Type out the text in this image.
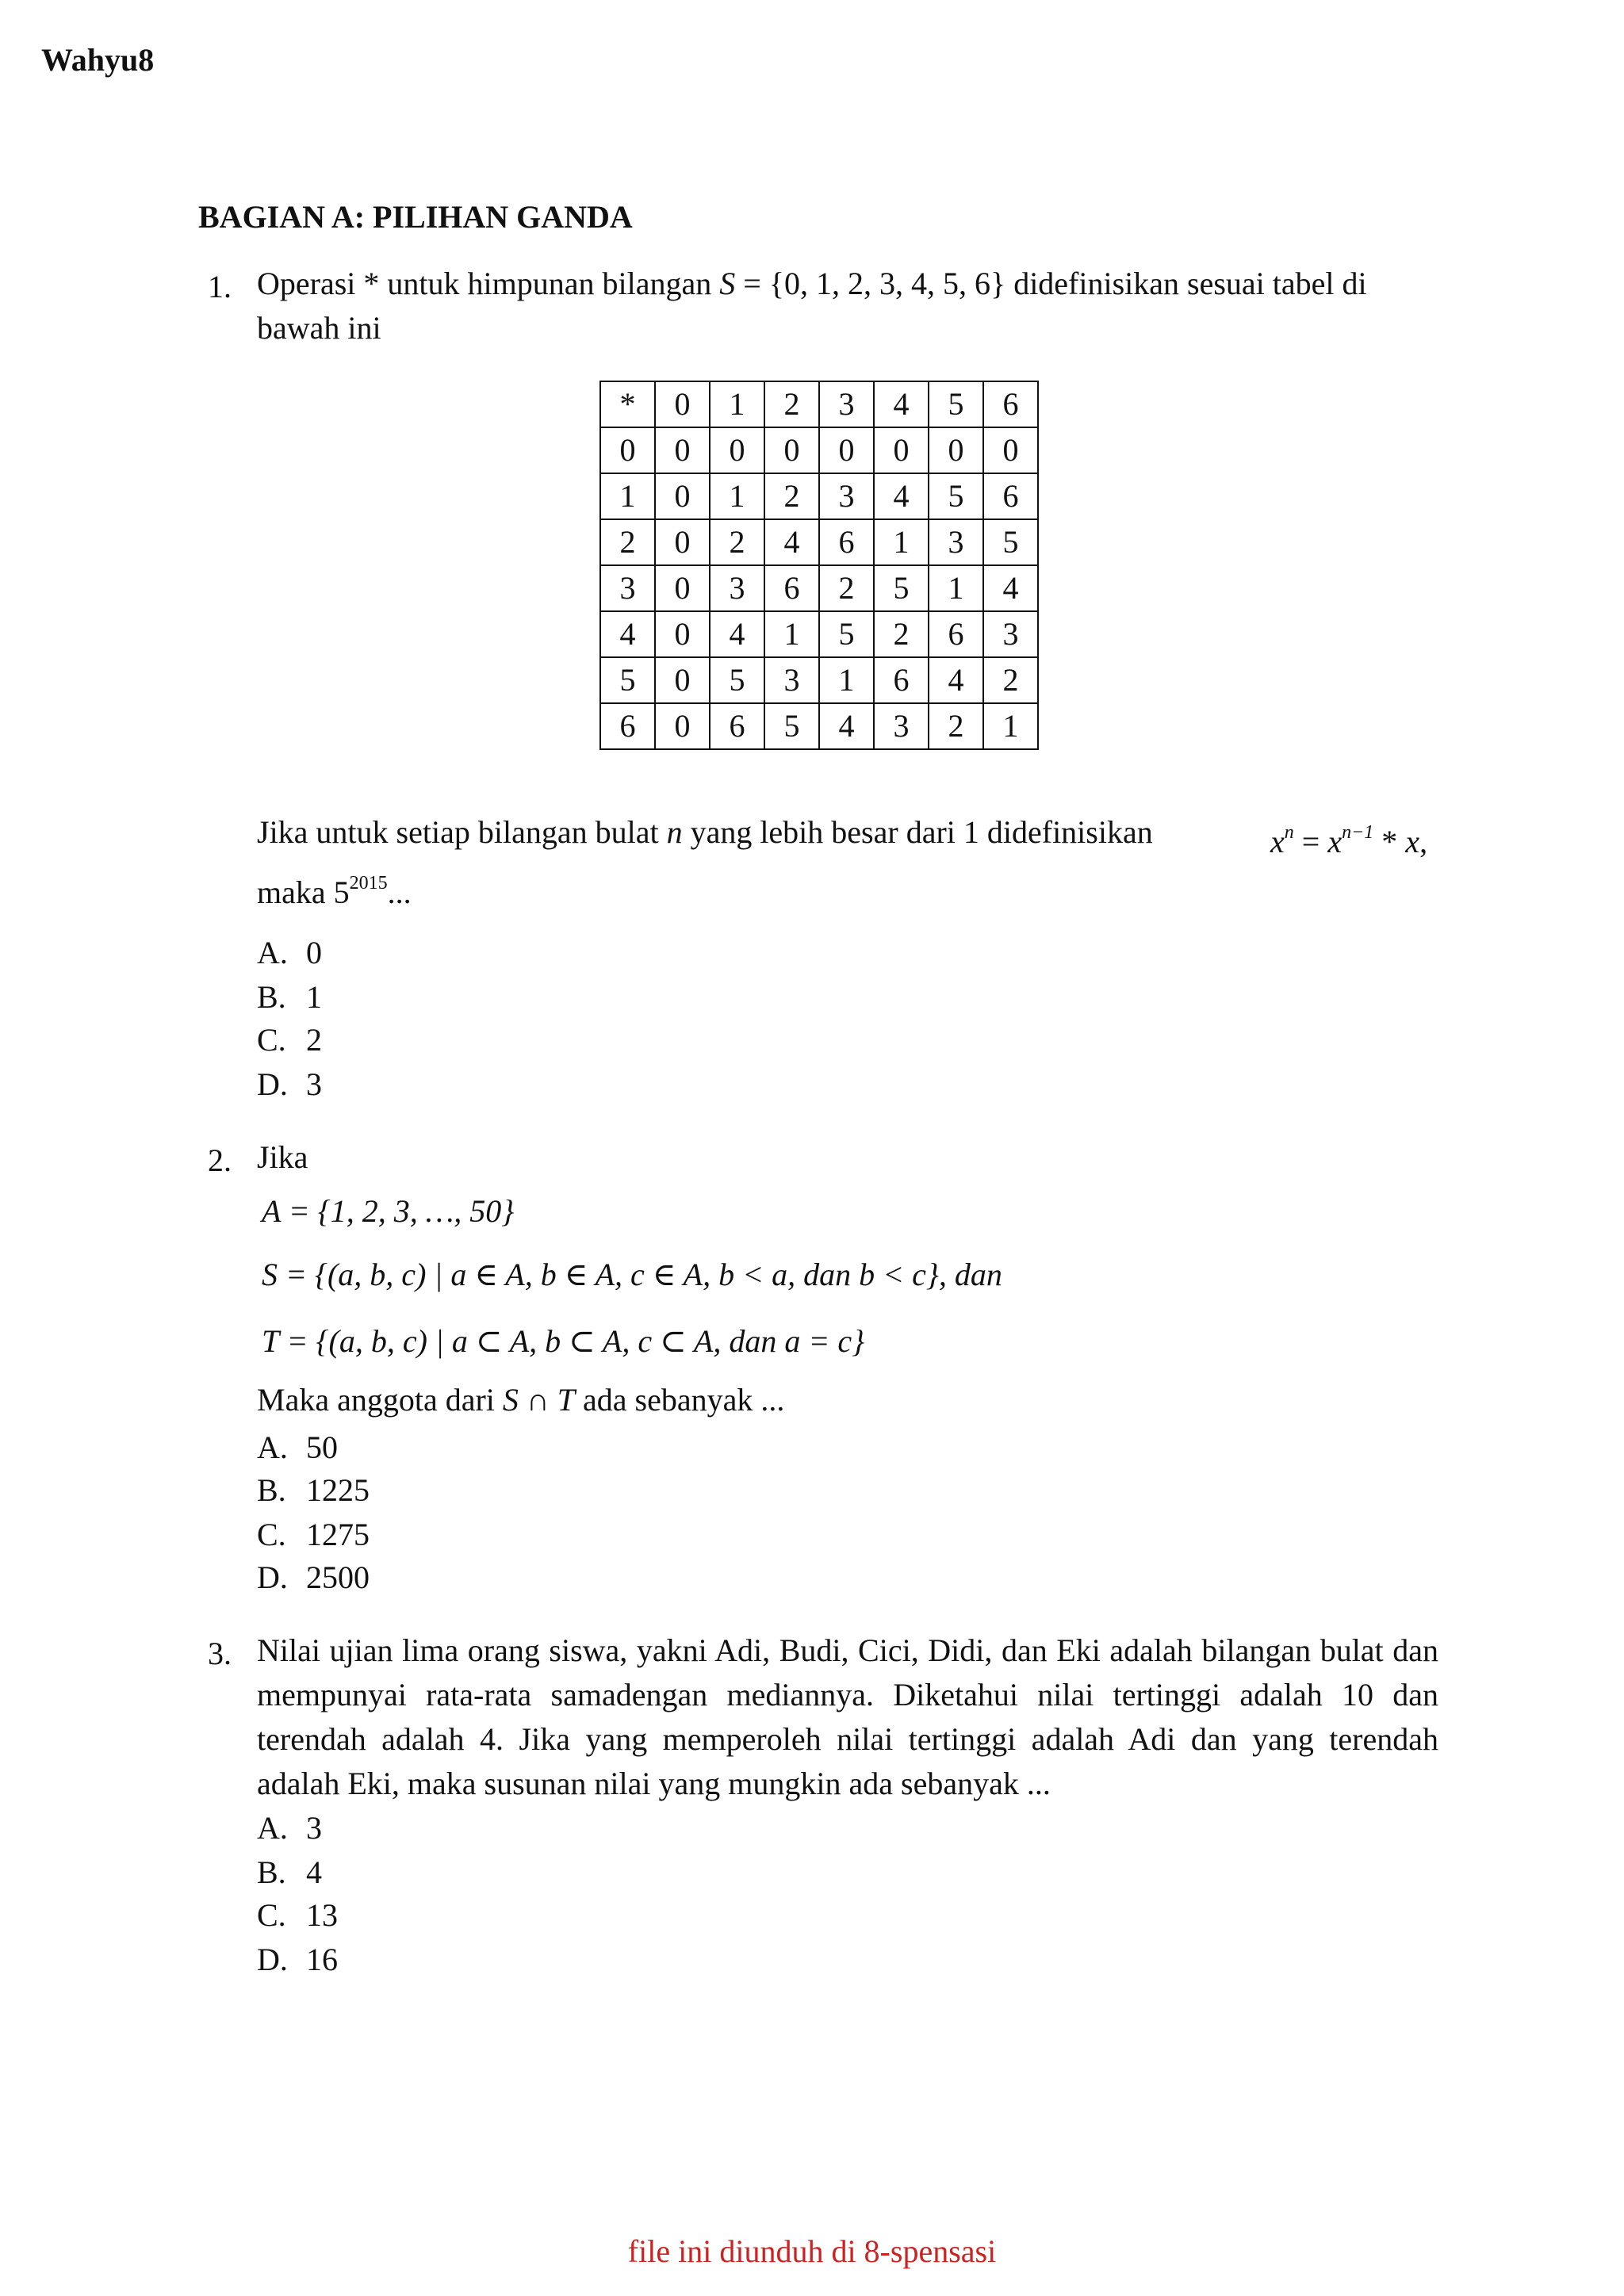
Wahyu8
BAGIAN A: PILIHAN GANDA
1. Operasi * untuk himpunan bilangan S = {0, 1, 2, 3, 4, 5, 6} didefinisikan sesuai tabel di
bawah ini
*	0	1	2	3	4	5	6
0	0	0	0	0	0	0	0
1	0	1	2	3	4	5	6
2	0	2	4	6	1	3	5
3	0	3	6	2	5	1	4
4	0	4	1	5	2	6	3
5	0	5	3	1	6	4	2
6	0	6	5	4	3	2	1
Jika untuk setiap bilangan bulat n yang lebih besar dari 1 didefinisikan	$x^n = x^{n-1} * x$,
maka $5^{2015}$...
A. 0
B. 1
C. 2
D. 3
2. Jika
A = {1, 2, 3, …, 50}
S = {(a, b, c) | a ∈ A, b ∈ A, c ∈ A, b < a, dan b < c}, dan
T = {(a, b, c) | a ⊂ A, b ⊂ A, c ⊂ A, dan a = c}
Maka anggota dari S ∩ T ada sebanyak ...
A. 50
B. 1225
C. 1275
D. 2500
3. Nilai ujian lima orang siswa, yakni Adi, Budi, Cici, Didi, dan Eki adalah bilangan bulat dan mempunyai rata-rata samadengan mediannya. Diketahui nilai tertinggi adalah 10 dan terendah adalah 4. Jika yang memperoleh nilai tertinggi adalah Adi dan yang terendah adalah Eki, maka susunan nilai yang mungkin ada sebanyak ...
A. 3
B. 4
C. 13
D. 16
file ini diunduh di 8-spensasi
